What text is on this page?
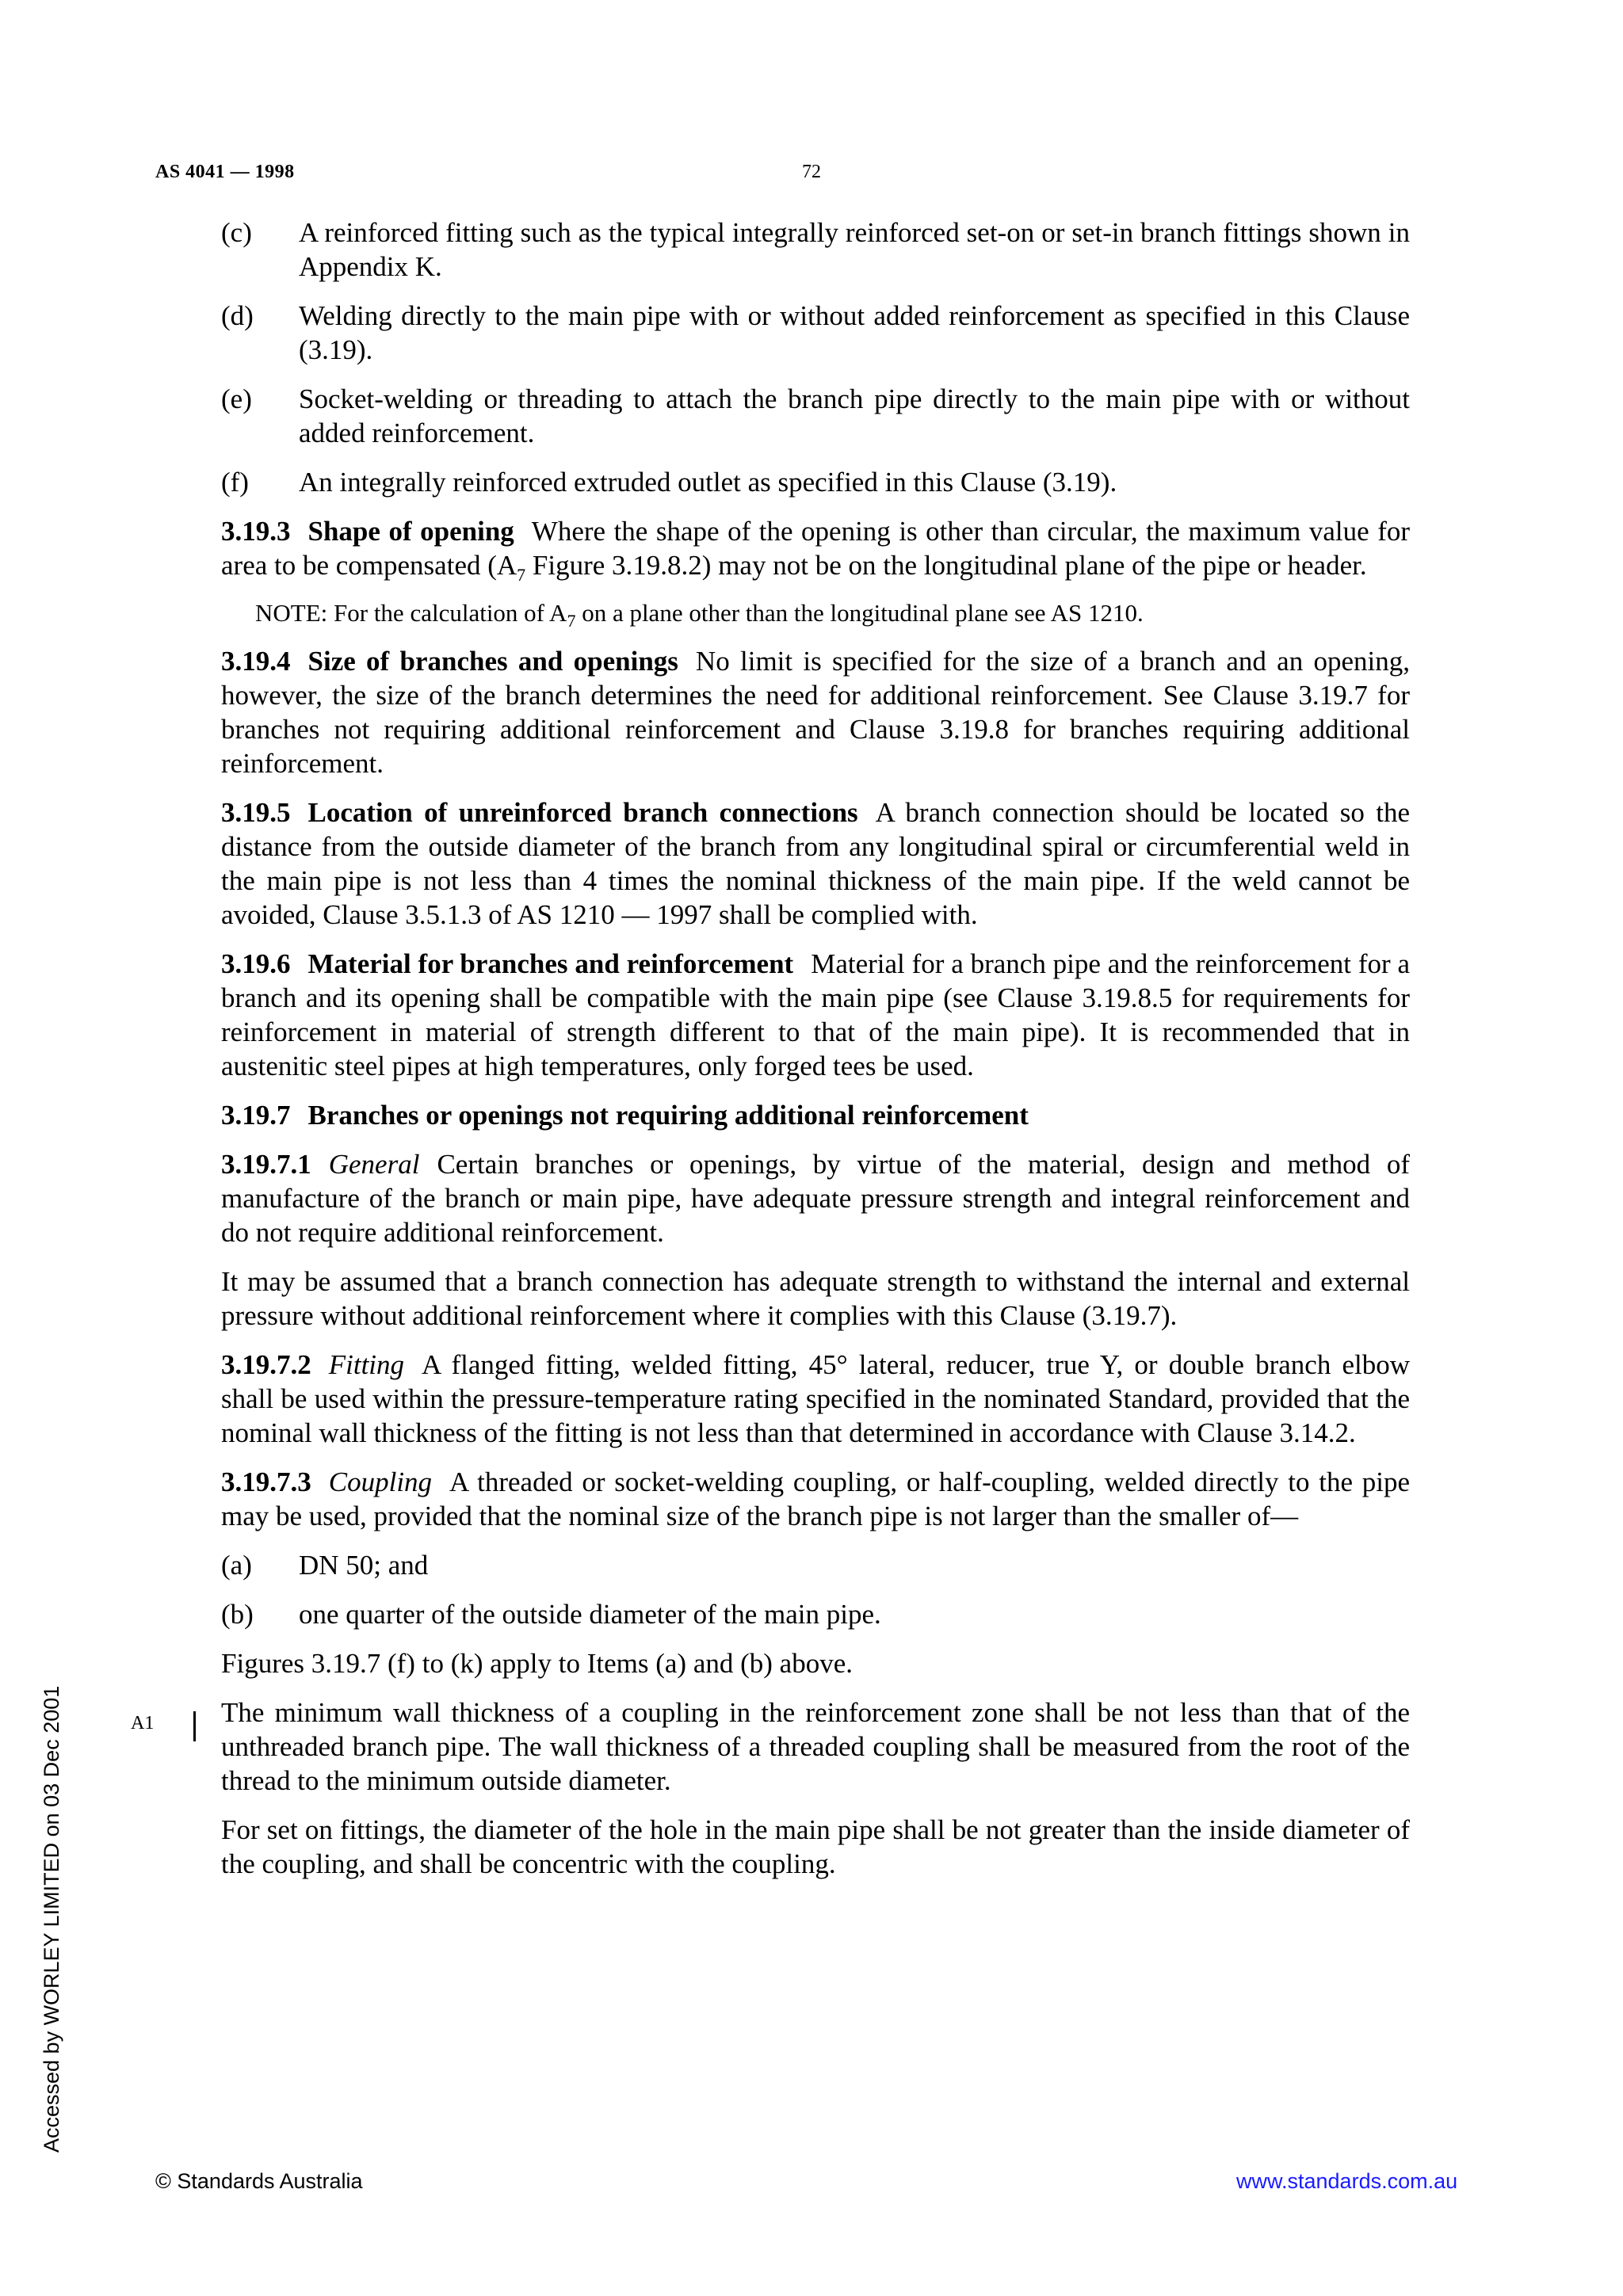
AS 4041 — 1998	72
Accessed by WORLEY LIMITED on 03 Dec 2001	A1
(c)	A reinforced fitting such as the typical integrally reinforced set-on or set-in branch fittings shown in Appendix K.
(d)	Welding directly to the main pipe with or without added reinforcement as specified in this Clause (3.19).
(e)	Socket-welding or threading to attach the branch pipe directly to the main pipe with or without added reinforcement.
(f)	An integrally reinforced extruded outlet as specified in this Clause (3.19).

3.19.3 Shape of opening Where the shape of the opening is other than circular, the maximum value for area to be compensated ($A_7$ Figure 3.19.8.2) may not be on the longitudinal plane of the pipe or header.

NOTE: For the calculation of $A_7$ on a plane other than the longitudinal plane see AS 1210.

3.19.4 Size of branches and openings No limit is specified for the size of a branch and an opening, however, the size of the branch determines the need for additional reinforcement. See Clause 3.19.7 for branches not requiring additional reinforcement and Clause 3.19.8 for branches requiring additional reinforcement.

3.19.5 Location of unreinforced branch connections A branch connection should be located so the distance from the outside diameter of the branch from any longitudinal spiral or circumferential weld in the main pipe is not less than 4 times the nominal thickness of the main pipe. If the weld cannot be avoided, Clause 3.5.1.3 of AS 1210 — 1997 shall be complied with.

3.19.6 Material for branches and reinforcement Material for a branch pipe and the reinforcement for a branch and its opening shall be compatible with the main pipe (see Clause 3.19.8.5 for requirements for reinforcement in material of strength different to that of the main pipe). It is recommended that in austenitic steel pipes at high temperatures, only forged tees be used.

3.19.7 Branches or openings not requiring additional reinforcement

3.19.7.1 General Certain branches or openings, by virtue of the material, design and method of manufacture of the branch or main pipe, have adequate pressure strength and integral reinforcement and do not require additional reinforcement.

It may be assumed that a branch connection has adequate strength to withstand the internal and external pressure without additional reinforcement where it complies with this Clause (3.19.7).

3.19.7.2 Fitting A flanged fitting, welded fitting, 45° lateral, reducer, true Y, or double branch elbow shall be used within the pressure-temperature rating specified in the nominated Standard, provided that the nominal wall thickness of the fitting is not less than that determined in accordance with Clause 3.14.2.

3.19.7.3 Coupling A threaded or socket-welding coupling, or half-coupling, welded directly to the pipe may be used, provided that the nominal size of the branch pipe is not larger than the smaller of—

(a)	DN 50; and
(b)	one quarter of the outside diameter of the main pipe.

Figures 3.19.7 (f) to (k) apply to Items (a) and (b) above.

The minimum wall thickness of a coupling in the reinforcement zone shall be not less than that of the unthreaded branch pipe. The wall thickness of a threaded coupling shall be measured from the root of the thread to the minimum outside diameter.

For set on fittings, the diameter of the hole in the main pipe shall be not greater than the inside diameter of the coupling, and shall be concentric with the coupling.

© Standards Australia	www.standards.com.au
